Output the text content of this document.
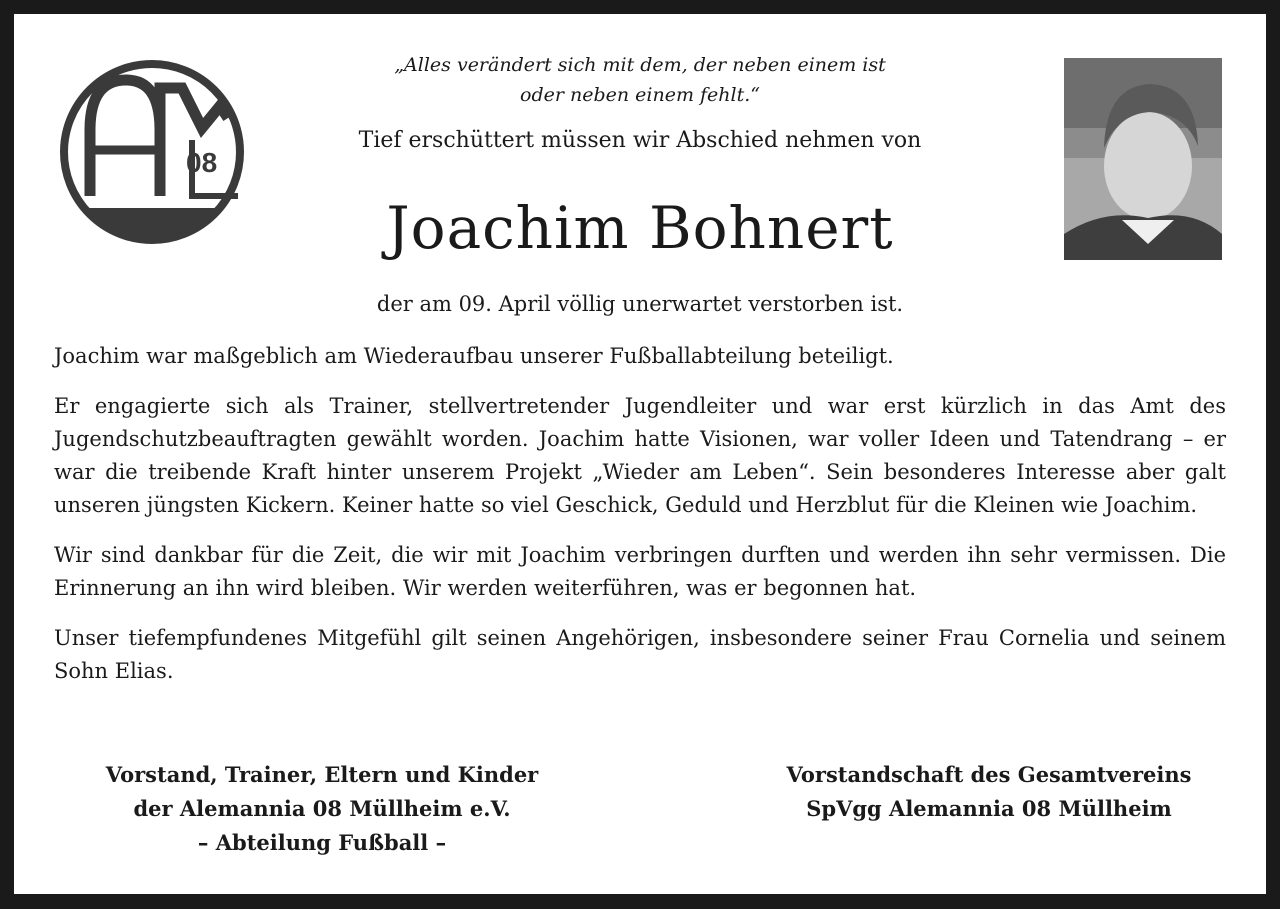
08
„Alles verändert sich mit dem, der neben einem ist
oder neben einem fehlt.“
Tief erschüttert müssen wir Abschied nehmen von
Joachim Bohnert
der am 09. April völlig unerwartet verstorben ist.

Joachim war maßgeblich am Wiederaufbau unserer Fußballabteilung beteiligt.

Er engagierte sich als Trainer, stellvertretender Jugendleiter und war erst kürzlich in das Amt des Jugendschutzbeauftragten gewählt worden. Joachim hatte Visionen, war voller Ideen und Tatendrang – er war die treibende Kraft hinter unserem Projekt „Wieder am Leben“. Sein besonderes Interesse aber galt unseren jüngsten Kickern. Keiner hatte so viel Geschick, Geduld und Herzblut für die Kleinen wie Joachim.

Wir sind dankbar für die Zeit, die wir mit Joachim verbringen durften und werden ihn sehr vermissen. Die Erinnerung an ihn wird bleiben. Wir werden weiterführen, was er begonnen hat.

Unser tiefempfundenes Mitgefühl gilt seinen Angehörigen, insbesondere seiner Frau Cornelia und seinem Sohn Elias.

Vorstand, Trainer, Eltern und Kinder
der Alemannia 08 Müllheim e.V.
– Abteilung Fußball –
Vorstandschaft des Gesamtvereins
SpVgg Alemannia 08 Müllheim
